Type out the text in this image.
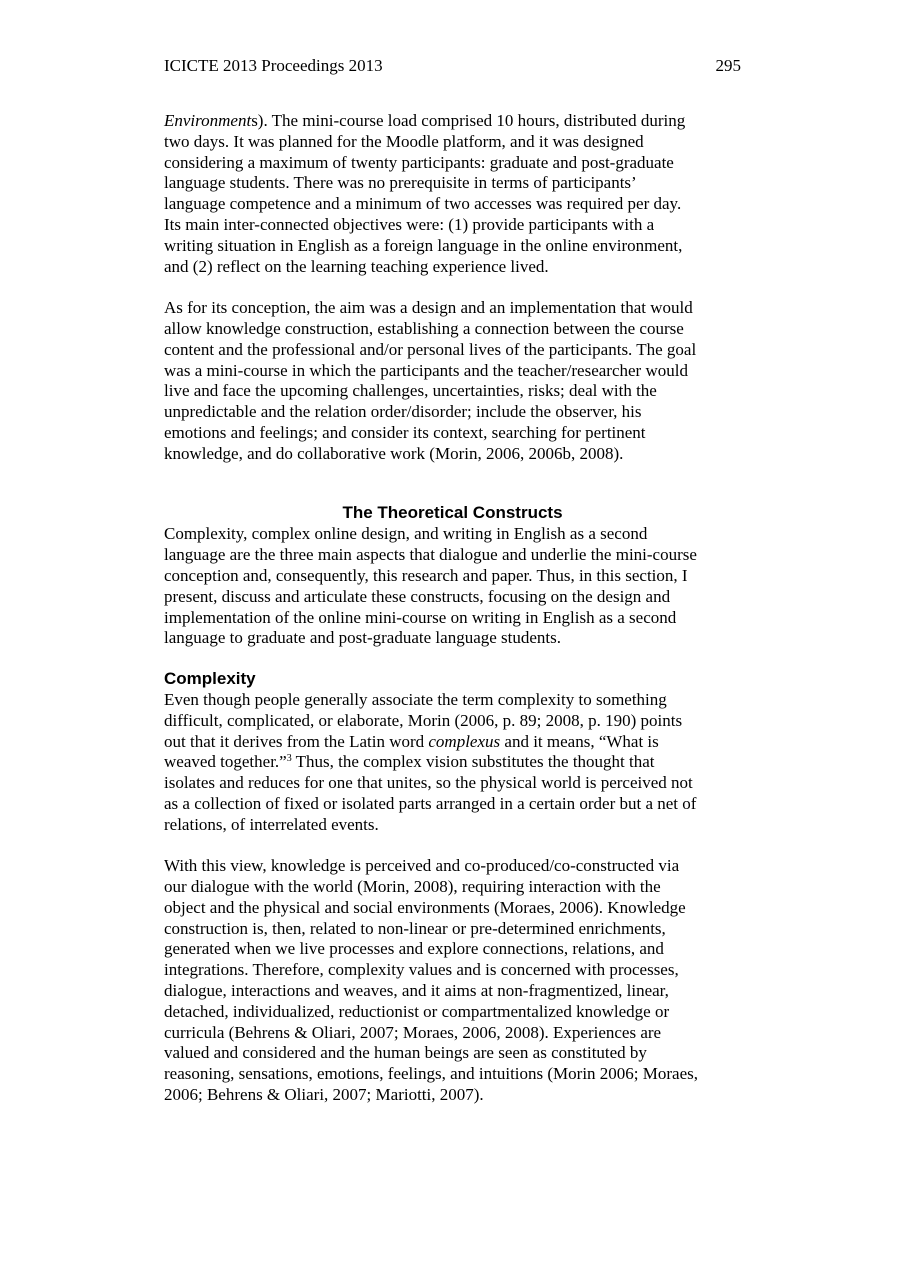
ICICTE 2013 Proceedings 2013	295

Environments). The mini-course load comprised 10 hours, distributed during
two days. It was planned for the Moodle platform, and it was designed
considering a maximum of twenty participants: graduate and post-graduate
language students. There was no prerequisite in terms of participants’
language competence and a minimum of two accesses was required per day.
Its main inter-connected objectives were: (1) provide participants with a
writing situation in English as a foreign language in the online environment,
and (2) reflect on the learning teaching experience lived.

As for its conception, the aim was a design and an implementation that would
allow knowledge construction, establishing a connection between the course
content and the professional and/or personal lives of the participants. The goal
was a mini-course in which the participants and the teacher/researcher would
live and face the upcoming challenges, uncertainties, risks; deal with the
unpredictable and the relation order/disorder; include the observer, his
emotions and feelings; and consider its context, searching for pertinent
knowledge, and do collaborative work (Morin, 2006, 2006b, 2008).

The Theoretical Constructs

Complexity, complex online design, and writing in English as a second
language are the three main aspects that dialogue and underlie the mini-course
conception and, consequently, this research and paper. Thus, in this section, I
present, discuss and articulate these constructs, focusing on the design and
implementation of the online mini-course on writing in English as a second
language to graduate and post-graduate language students.

Complexity

Even though people generally associate the term complexity to something
difficult, complicated, or elaborate, Morin (2006, p. 89; 2008, p. 190) points
out that it derives from the Latin word complexus and it means, “What is
weaved together.”$^3$ Thus, the complex vision substitutes the thought that
isolates and reduces for one that unites, so the physical world is perceived not
as a collection of fixed or isolated parts arranged in a certain order but a net of
relations, of interrelated events.

With this view, knowledge is perceived and co-produced/co-constructed via
our dialogue with the world (Morin, 2008), requiring interaction with the
object and the physical and social environments (Moraes, 2006). Knowledge
construction is, then, related to non-linear or pre-determined enrichments,
generated when we live processes and explore connections, relations, and
integrations. Therefore, complexity values and is concerned with processes,
dialogue, interactions and weaves, and it aims at non-fragmentized, linear,
detached, individualized, reductionist or compartmentalized knowledge or
curricula (Behrens & Oliari, 2007; Moraes, 2006, 2008). Experiences are
valued and considered and the human beings are seen as constituted by
reasoning, sensations, emotions, feelings, and intuitions (Morin 2006; Moraes,
2006; Behrens & Oliari, 2007; Mariotti, 2007).
